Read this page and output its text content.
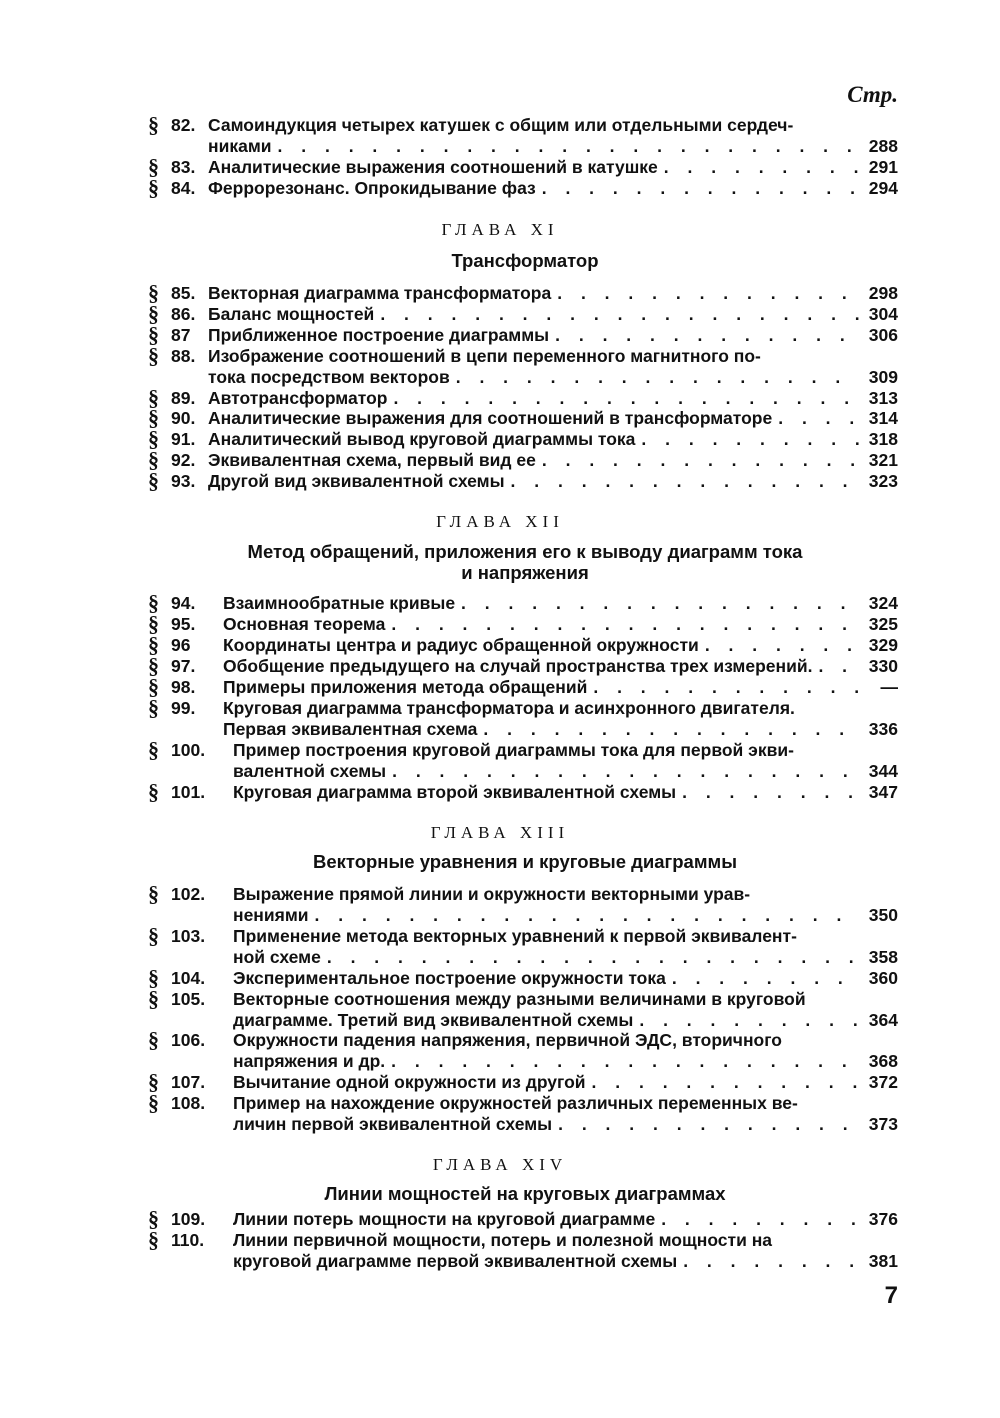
Стр.
§ 82. Самоиндукция четырех катушек с общим или отдельными сердеч-
никами . . .	288
§ 83. Аналитические выражения соотношений в катушке . . .	291
§ 84. Феррорезонанс. Опрокидывание фаз . . .	294
ГЛАВА XI
Трансформатор
§ 85. Векторная диаграмма трансформатора . . .	298
§ 86. Баланс мощностей . . .	304
§ 87	Приближенное построение диаграммы . . .	306
§ 88. Изображение соотношений в цепи переменного магнитного по-
тока посредством векторов . . .	309
§ 89. Автотрансформатор . . .	313
§ 90. Аналитические выражения для соотношений в трансформаторе . . .	314
§ 91. Аналитический вывод круговой диаграммы тока . . .	318
§ 92. Эквивалентная схема, первый вид ее . . .	321
§ 93. Другой вид эквивалентной схемы . . .	323
ГЛАВА XII
Метод обращений, приложения его к выводу диаграмм тока
и напряжения
§ 94.	Взаимнообратные кривые . . .	324
§ 95.	Основная теорема . . .	325
§ 96	Координаты центра и радиус обращенной окружности . . .	329
§ 97.	Обобщение предыдущего на случай пространства трех измерений. . . .	330
§ 98.	Примеры приложения метода обращений . . .	—
§ 99.	Круговая диаграмма трансформатора и асинхронного двигателя.
Первая эквивалентная схема . . .	336
§ 100.	Пример построения круговой диаграммы тока для первой экви-
валентной схемы . . .	344
§ 101.	Круговая диаграмма второй эквивалентной схемы . . .	347
ГЛАВА XIII
Векторные уравнения и круговые диаграммы
§ 102.	Выражение прямой линии и окружности векторными урав-
нениями . . .	350
§ 103.	Применение метода векторных уравнений к первой эквивалент-
ной схеме . . .	358
§ 104.	Экспериментальное построение окружности тока . . .	360
§ 105.	Векторные соотношения между разными величинами в круговой
диаграмме. Третий вид эквивалентной схемы . . .	364
§ 106.	Окружности падения напряжения, первичной ЭДС, вторичного
напряжения и др. . . .	368
§ 107.	Вычитание одной окружности из другой . . .	372
§ 108.	Пример на нахождение окружностей различных переменных ве-
личин первой эквивалентной схемы . . .	373
ГЛАВА XIV
Линии мощностей на круговых диаграммах
§ 109.	Линии потерь мощности на круговой диаграмме . . .	376
§ 110.	Линии первичной мощности, потерь и полезной мощности на
круговой диаграмме первой эквивалентной схемы . . .	381
7
